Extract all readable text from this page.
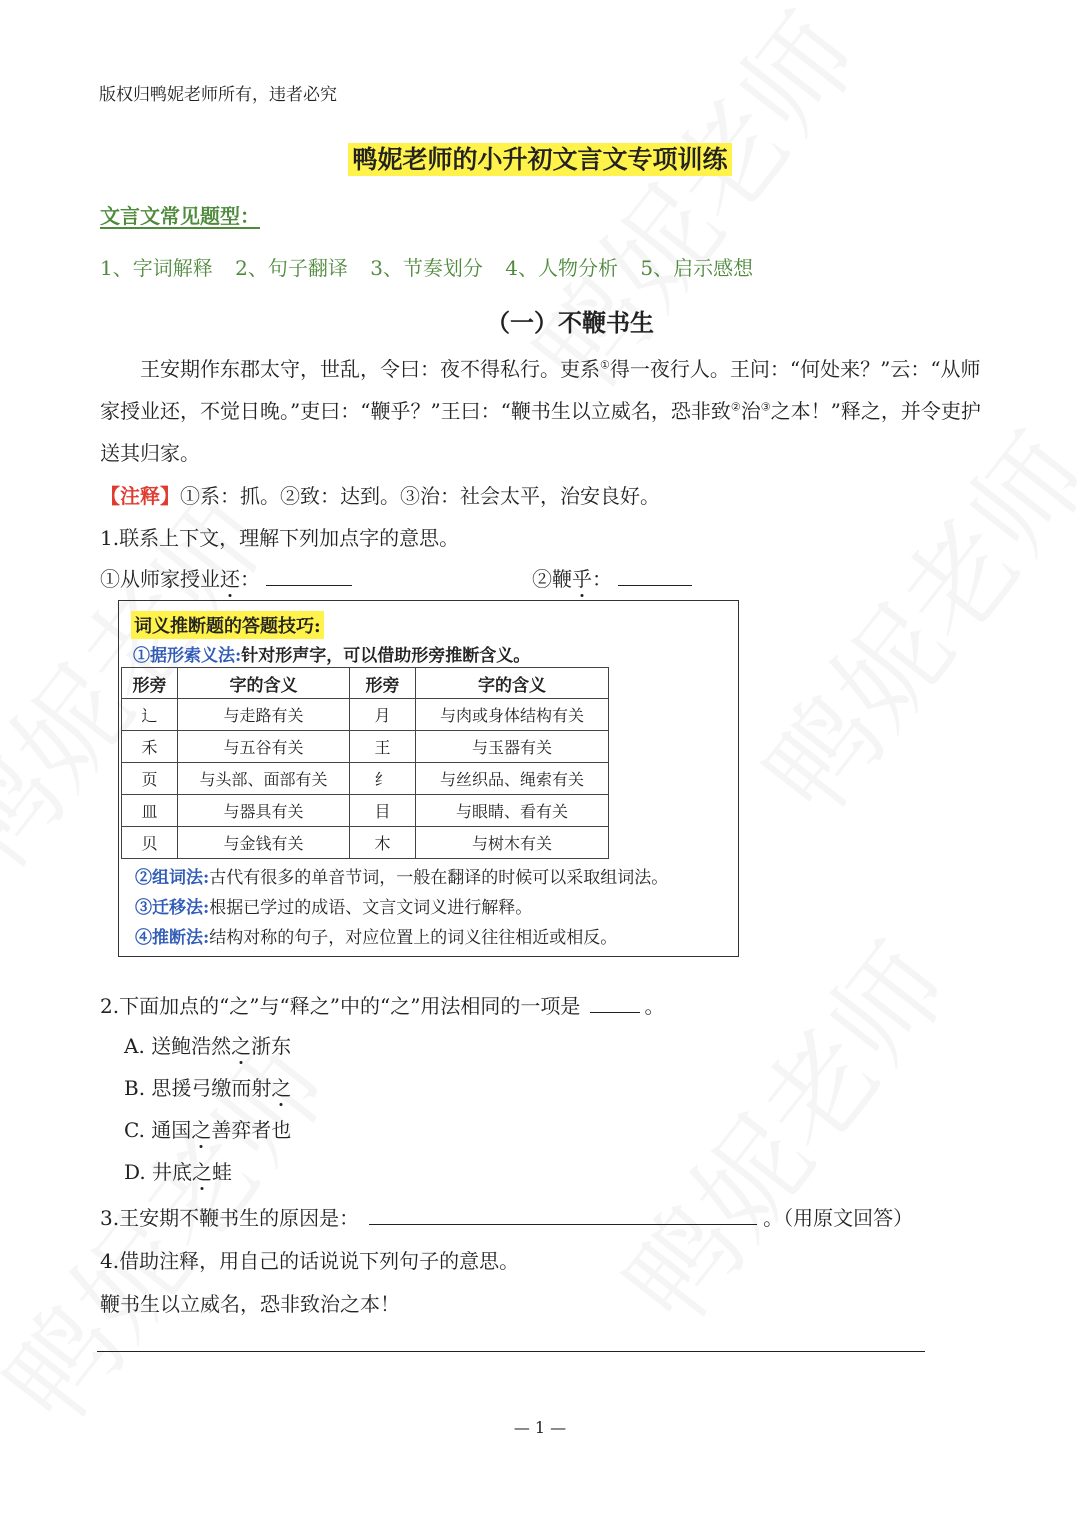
版权归鸭妮老师所有，违者必究
鸭妮老师的小升初文言文专项训练
文言文常见题型：
1、字词解释 2、句子翻译 3、节奏划分 4、人物分析 5、启示感想
（一）不鞭书生

王安期作东郡太守，世乱，令曰：夜不得私行。吏系①得一夜行人。王问：“何处来？”云：“从师家授业还，不觉日晚。”吏曰：“鞭乎？”王曰：“鞭书生以立威名，恐非致②治③之本！”释之，并令吏护送其归家。

【注释】①系：抓。②致：达到。③治：社会太平，治安良好。
1.联系上下文，理解下列加点字的意思。
①从师家授业还：	②鞭乎：
词义推断题的答题技巧:
①据形索义法:针对形声字，可以借助形旁推断含义。
形旁	字的含义	形旁	字的含义
辶	与走路有关	月	与肉或身体结构有关
禾	与五谷有关	王	与玉器有关
页	与头部、面部有关	纟	与丝织品、绳索有关
皿	与器具有关	目	与眼睛、看有关
贝	与金钱有关	木	与树木有关
②组词法:古代有很多的单音节词，一般在翻译的时候可以采取组词法。
③迁移法:根据已学过的成语、文言文词义进行解释。
④推断法:结构对称的句子，对应位置上的词义往往相近或相反。
2.下面加点的“之”与“释之”中的“之”用法相同的一项是	。
A. 送鲍浩然之浙东
B. 思援弓缴而射之
C. 通国之善弈者也
D. 井底之蛙
3.王安期不鞭书生的原因是：	。（用原文回答）
4.借助注释，用自己的话说说下列句子的意思。
鞭书生以立威名，恐非致治之本！
— 1 —
